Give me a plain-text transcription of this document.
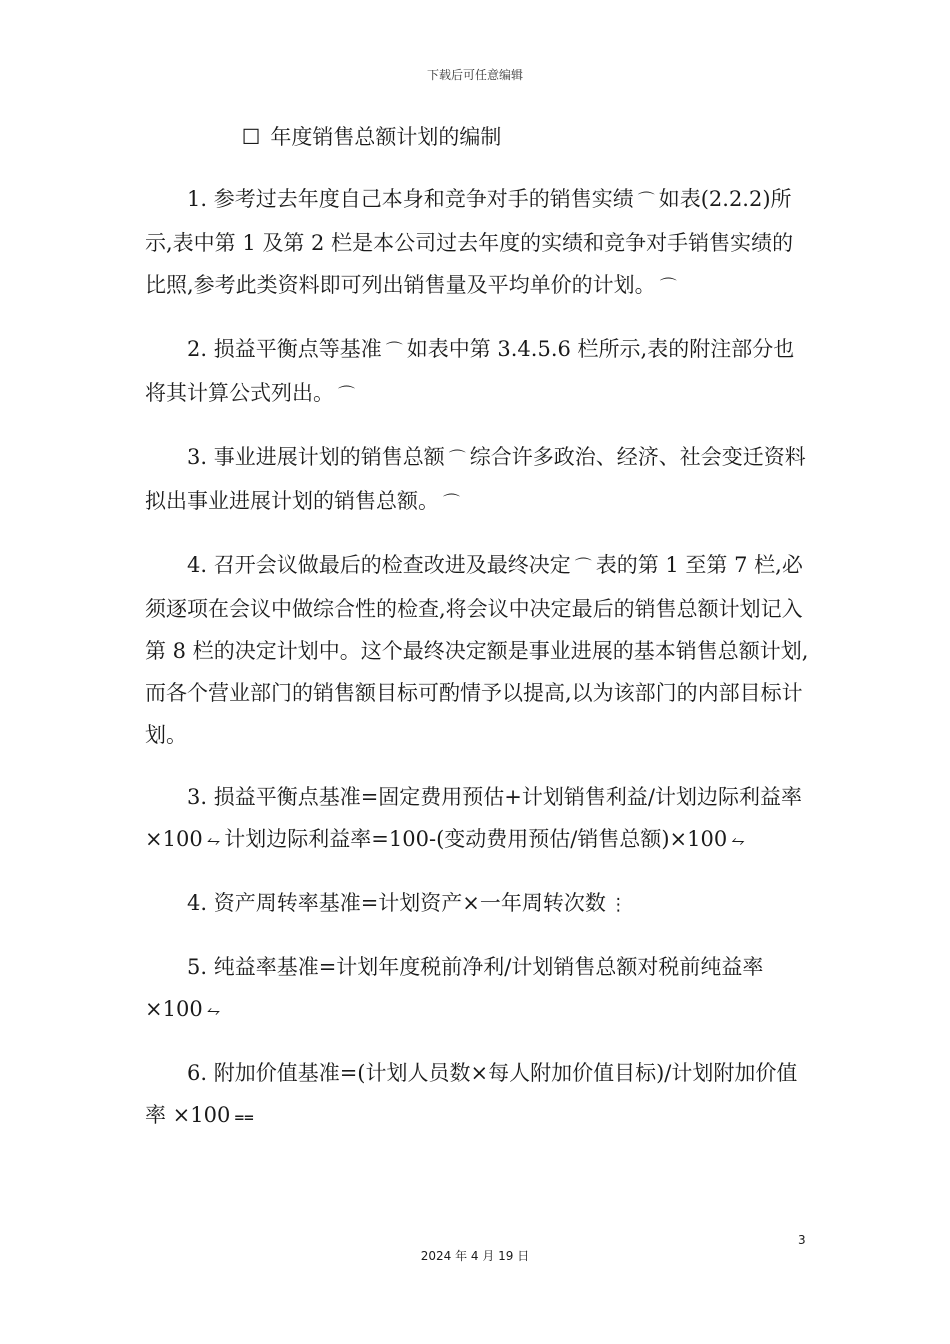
下载后可任意编辑

☐ 年度销售总额计划的编制

1. 参考过去年度自己本身和竞争对手的销售实绩 ⌒ 如表(2.2.2)所示,表中第 1 及第 2 栏是本公司过去年度的实绩和竞争对手销售实绩的比照,参考此类资料即可列出销售量及平均单价的计划。 ⌒

2. 损益平衡点等基准 ⌒ 如表中第 3.4.5.6 栏所示,表的附注部分也将其计算公式列出。 ⌒

3. 事业进展计划的销售总额 ⌒ 综合许多政治、经济、社会变迁资料拟出事业进展计划的销售总额。 ⌒

4. 召开会议做最后的检查改进及最终决定 ⌒ 表的第 1 至第 7 栏,必须逐项在会议中做综合性的检查,将会议中决定最后的销售总额计划记入第 8 栏的决定计划中。这个最终决定额是事业进展的基本销售总额计划,而各个营业部门的销售额目标可酌情予以提高,以为该部门的内部目标计划。

3. 损益平衡点基准=固定费用预估+计划销售利益/计划边际利益率×100 ⥊ 计划边际利益率=100-(变动费用预估/销售总额)×100 ⥊

4. 资产周转率基准=计划资产×一年周转次数 ⋮

5. 纯益率基准=计划年度税前净利/计划销售总额对税前纯益率×100 ⥊

6. 附加价值基准=(计划人员数×每人附加价值目标)/计划附加价值率 ×100 ⩵

3
2024 年 4 月 19 日
